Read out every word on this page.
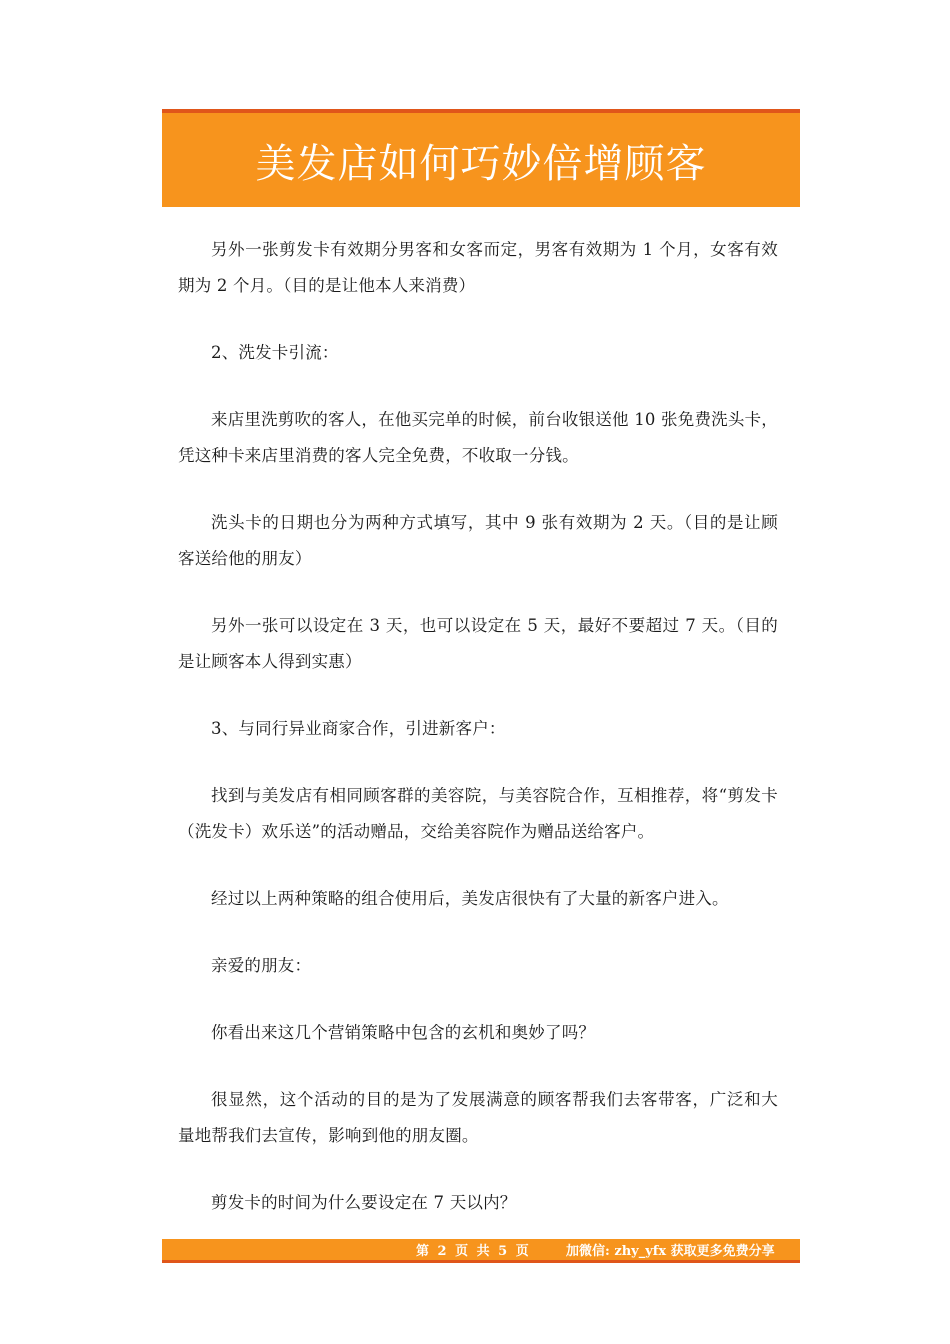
美发店如何巧妙倍增顾客

另外一张剪发卡有效期分男客和女客而定，男客有效期为 1 个月，女客有效期为 2 个月。（目的是让他本人来消费）

2、洗发卡引流：

来店里洗剪吹的客人，在他买完单的时候，前台收银送他 10 张免费洗头卡，凭这种卡来店里消费的客人完全免费，不收取一分钱。

洗头卡的日期也分为两种方式填写，其中 9 张有效期为 2 天。（目的是让顾客送给他的朋友）

另外一张可以设定在 3 天，也可以设定在 5 天，最好不要超过 7 天。（目的是让顾客本人得到实惠）

3、与同行异业商家合作，引进新客户：

找到与美发店有相同顾客群的美容院，与美容院合作，互相推荐，将“剪发卡（洗发卡）欢乐送”的活动赠品，交给美容院作为赠品送给客户。

经过以上两种策略的组合使用后，美发店很快有了大量的新客户进入。

亲爱的朋友：

你看出来这几个营销策略中包含的玄机和奥妙了吗？

很显然，这个活动的目的是为了发展满意的顾客帮我们去客带客，广泛和大量地帮我们去宣传，影响到他的朋友圈。

剪发卡的时间为什么要设定在 7 天以内？

第 2 页 共 5 页	加微信: zhy_yfx 获取更多免费分享
